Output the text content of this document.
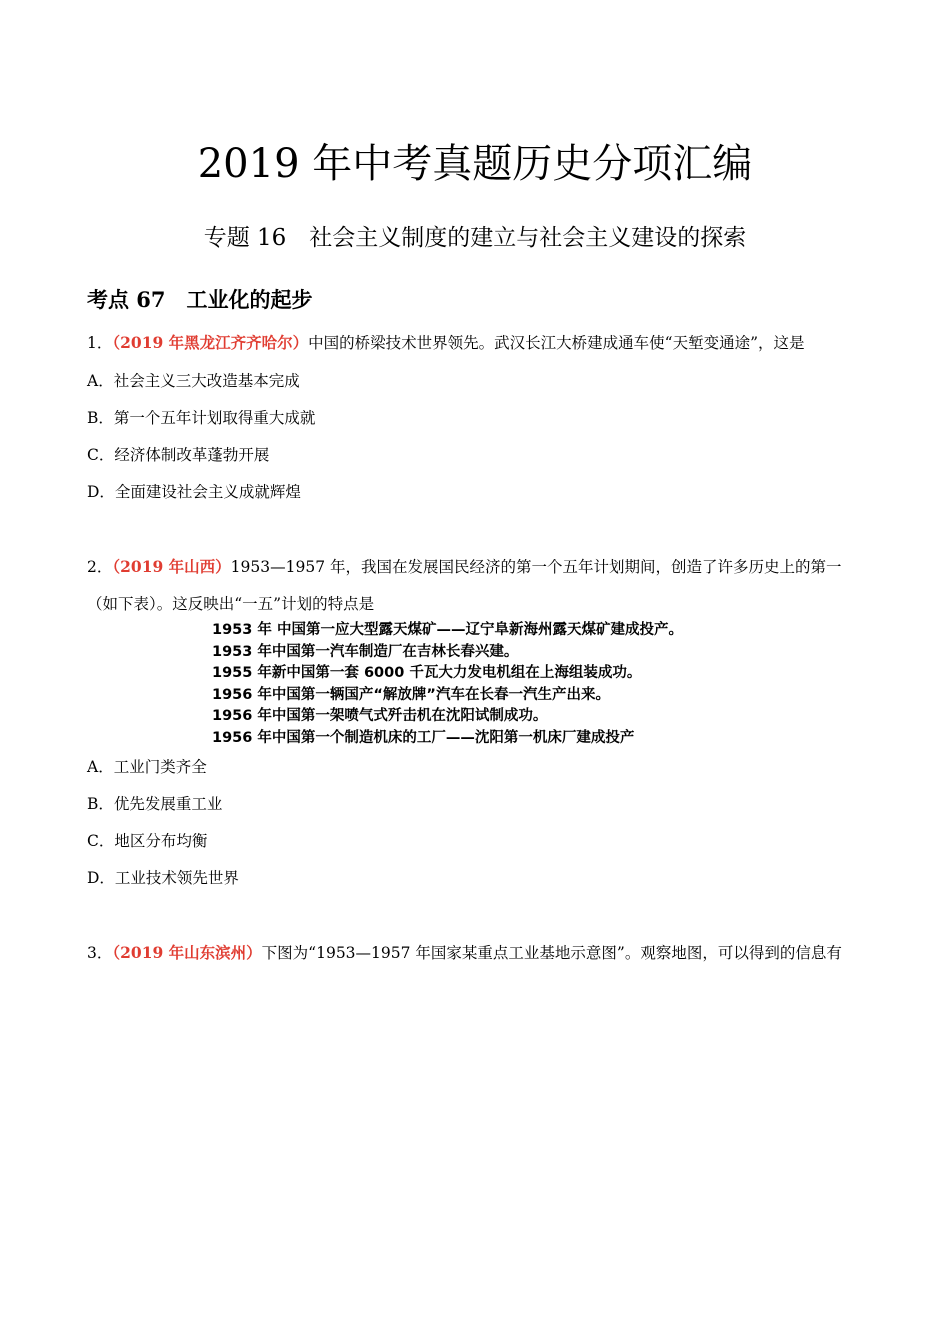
2019 年中考真题历史分项汇编
专题 16　社会主义制度的建立与社会主义建设的探索
考点 67　工业化的起步
1．（2019 年黑龙江齐齐哈尔）中国的桥梁技术世界领先。武汉长江大桥建成通车使“天堑变通途”，这是
A．社会主义三大改造基本完成
B．第一个五年计划取得重大成就
C．经济体制改革蓬勃开展
D．全面建设社会主义成就辉煌
2．（2019 年山西）1953—1957 年，我国在发展国民经济的第一个五年计划期间，创造了许多历史上的第一
（如下表）。这反映出“一五”计划的特点是
1953 年 中国第一应大型露天煤矿——辽宁阜新海州露天煤矿建成投产。
1953 年中国第一汽车制造厂在吉林长春兴建。
1955 年新中国第一套 6000 千瓦大力发电机组在上海组装成功。
1956 年中国第一辆国产“解放牌”汽车在长春一汽生产出来。
1956 年中国第一架喷气式歼击机在沈阳试制成功。
1956 年中国第一个制造机床的工厂——沈阳第一机床厂建成投产
A．工业门类齐全
B．优先发展重工业
C．地区分布均衡
D．工业技术领先世界
3．（2019 年山东滨州）下图为“1953—1957 年国家某重点工业基地示意图”。观察地图，可以得到的信息有
